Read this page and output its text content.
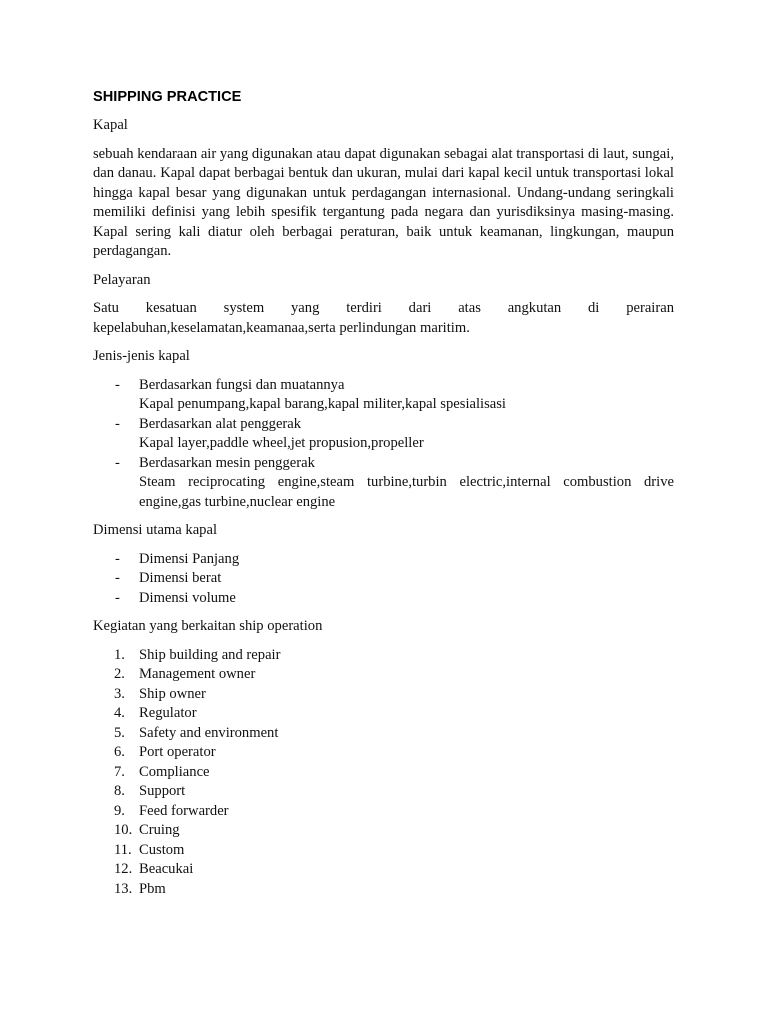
SHIPPING PRACTICE

Kapal

sebuah kendaraan air yang digunakan atau dapat digunakan sebagai alat transportasi di laut, sungai, dan danau. Kapal dapat berbagai bentuk dan ukuran, mulai dari kapal kecil untuk transportasi lokal hingga kapal besar yang digunakan untuk perdagangan internasional. Undang-undang seringkali memiliki definisi yang lebih spesifik tergantung pada negara dan yurisdiksinya masing-masing. Kapal sering kali diatur oleh berbagai peraturan, baik untuk keamanan, lingkungan, maupun perdagangan.

Pelayaran

Satu kesatuan system yang terdiri dari atas angkutan di perairan

kepelabuhan,keselamatan,keamanaa,serta perlindungan maritim.

Jenis-jenis kapal

- Berdasarkan fungsi dan muatannya
Kapal penumpang,kapal barang,kapal militer,kapal spesialisasi
- Berdasarkan alat penggerak
Kapal layer,paddle wheel,jet propusion,propeller
- Berdasarkan mesin penggerak
Steam reciprocating engine,steam turbine,turbin electric,internal combustion drive engine,gas turbine,nuclear engine

Dimensi utama kapal

- Dimensi Panjang
- Dimensi berat
- Dimensi volume

Kegiatan yang berkaitan ship operation

1. Ship building and repair
2. Management owner
3. Ship owner
4. Regulator
5. Safety and environment
6. Port operator
7. Compliance
8. Support
9. Feed forwarder
10. Cruing
11. Custom
12. Beacukai
13. Pbm
